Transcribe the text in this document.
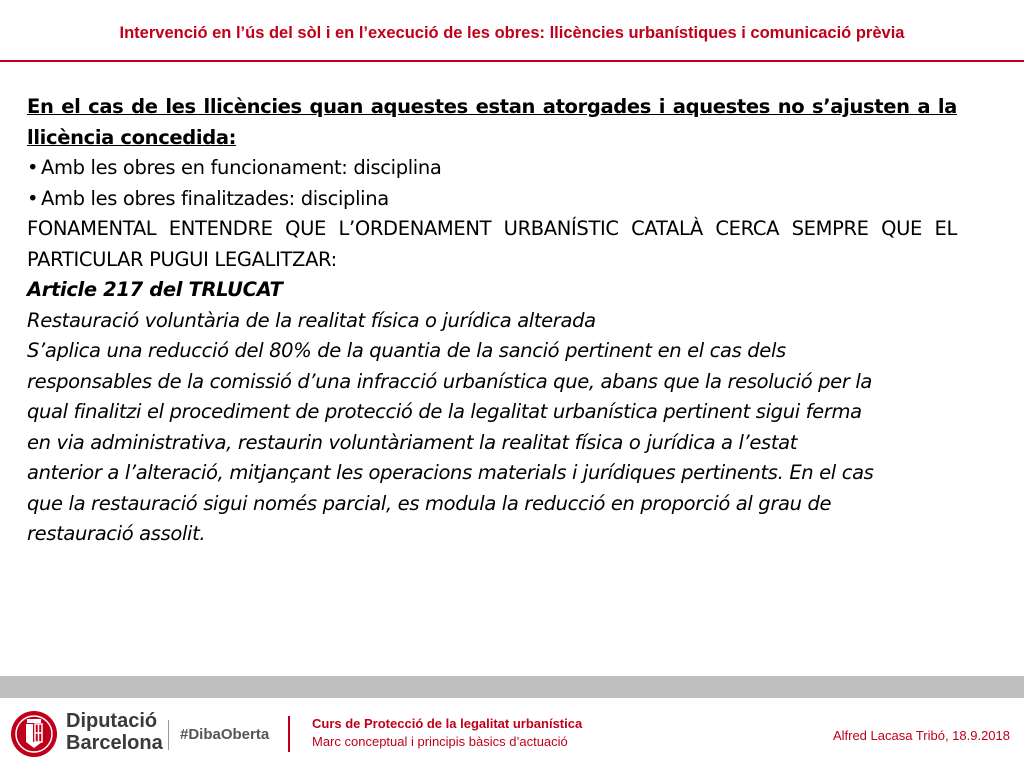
Intervenció en l’ús del sòl i en l’execució de les obres: llicències urbanístiques i comunicació prèvia

En el cas de les llicències quan aquestes estan atorgades i aquestes no s’ajusten a la llicència concedida:

• Amb les obres en funcionament: disciplina

• Amb les obres finalitzades: disciplina

FONAMENTAL ENTENDRE QUE L’ORDENAMENT URBANÍSTIC CATALÀ CERCA SEMPRE QUE EL PARTICULAR PUGUI LEGALITZAR:

Article 217 del TRLUCAT

Restauració voluntària de la realitat física o jurídica alterada

S’aplica una reducció del 80% de la quantia de la sanció pertinent en el cas dels

responsables de la comissió d’una infracció urbanística que, abans que la resolució per la

qual finalitzi el procediment de protecció de la legalitat urbanística pertinent sigui ferma

en via administrativa, restaurin voluntàriament la realitat física o jurídica a l’estat

anterior a l’alteració, mitjançant les operacions materials i jurídiques pertinents. En el cas

que la restauració sigui només parcial, es modula la reducció en proporció al grau de

restauració assolit.

Diputació
Barcelona #DibaOberta
Curs de Protecció de la legalitat urbanística
Marc conceptual i principis bàsics d’actuació	Alfred Lacasa Tribó, 18.9.2018
